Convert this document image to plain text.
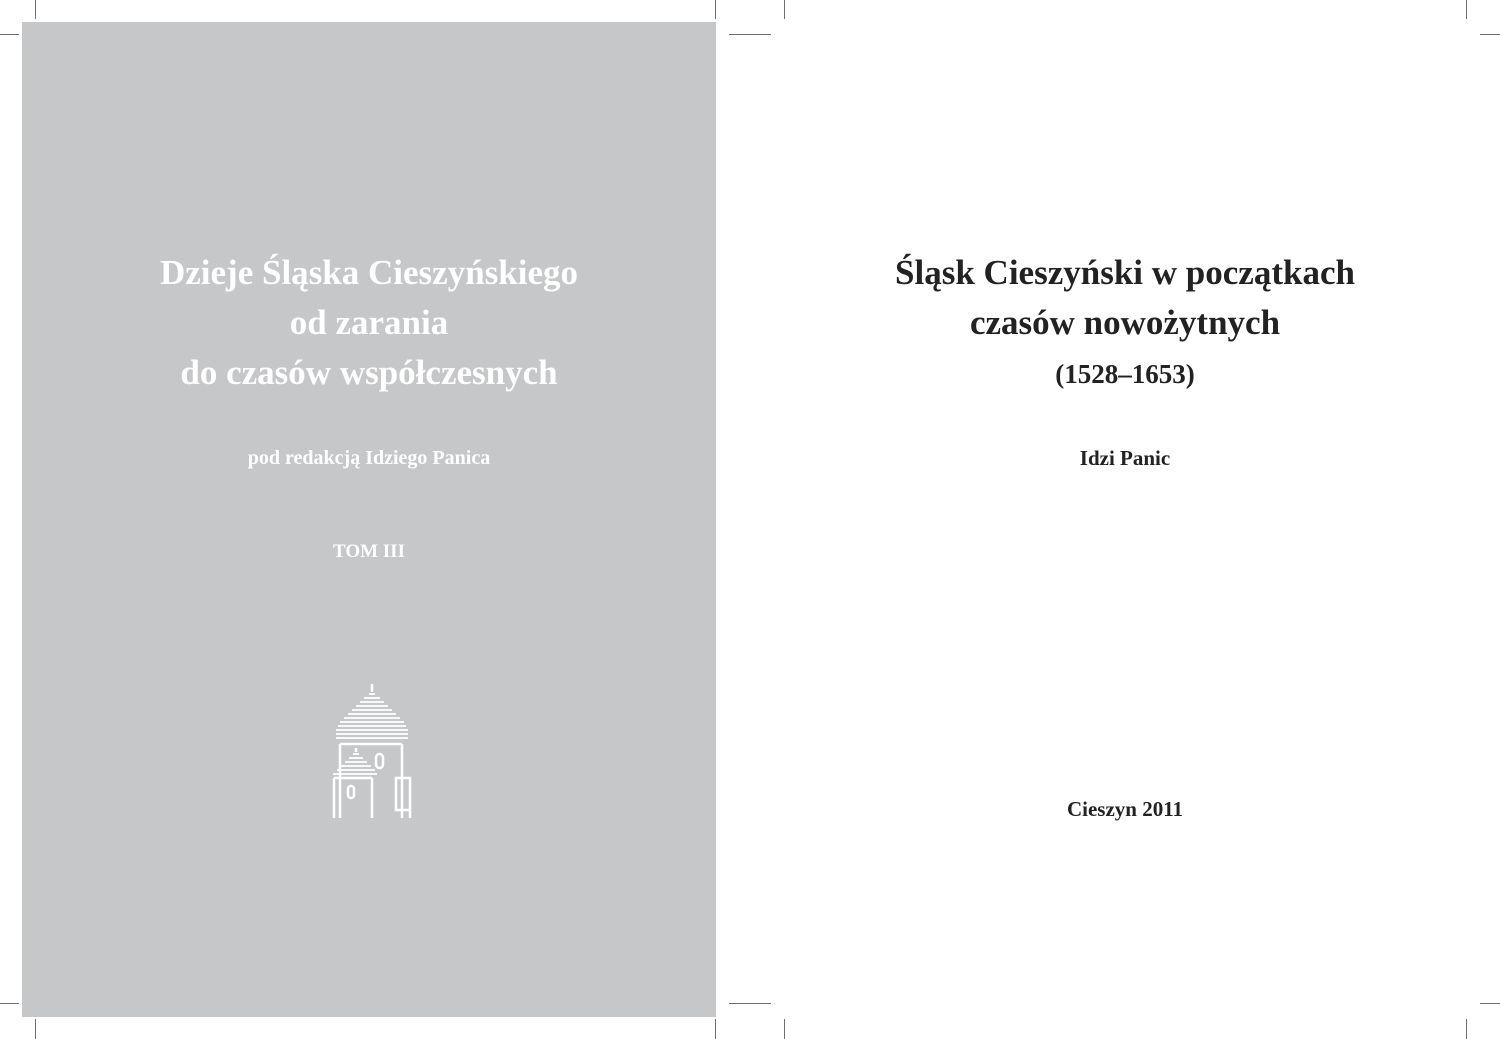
Dzieje Śląska Cieszyńskiego
od zarania
do czasów współczesnych
pod redakcją Idziego Panica
TOM III
Śląsk Cieszyński w początkach
czasów nowożytnych
(1528–1653)
Idzi Panic
Cieszyn 2011
